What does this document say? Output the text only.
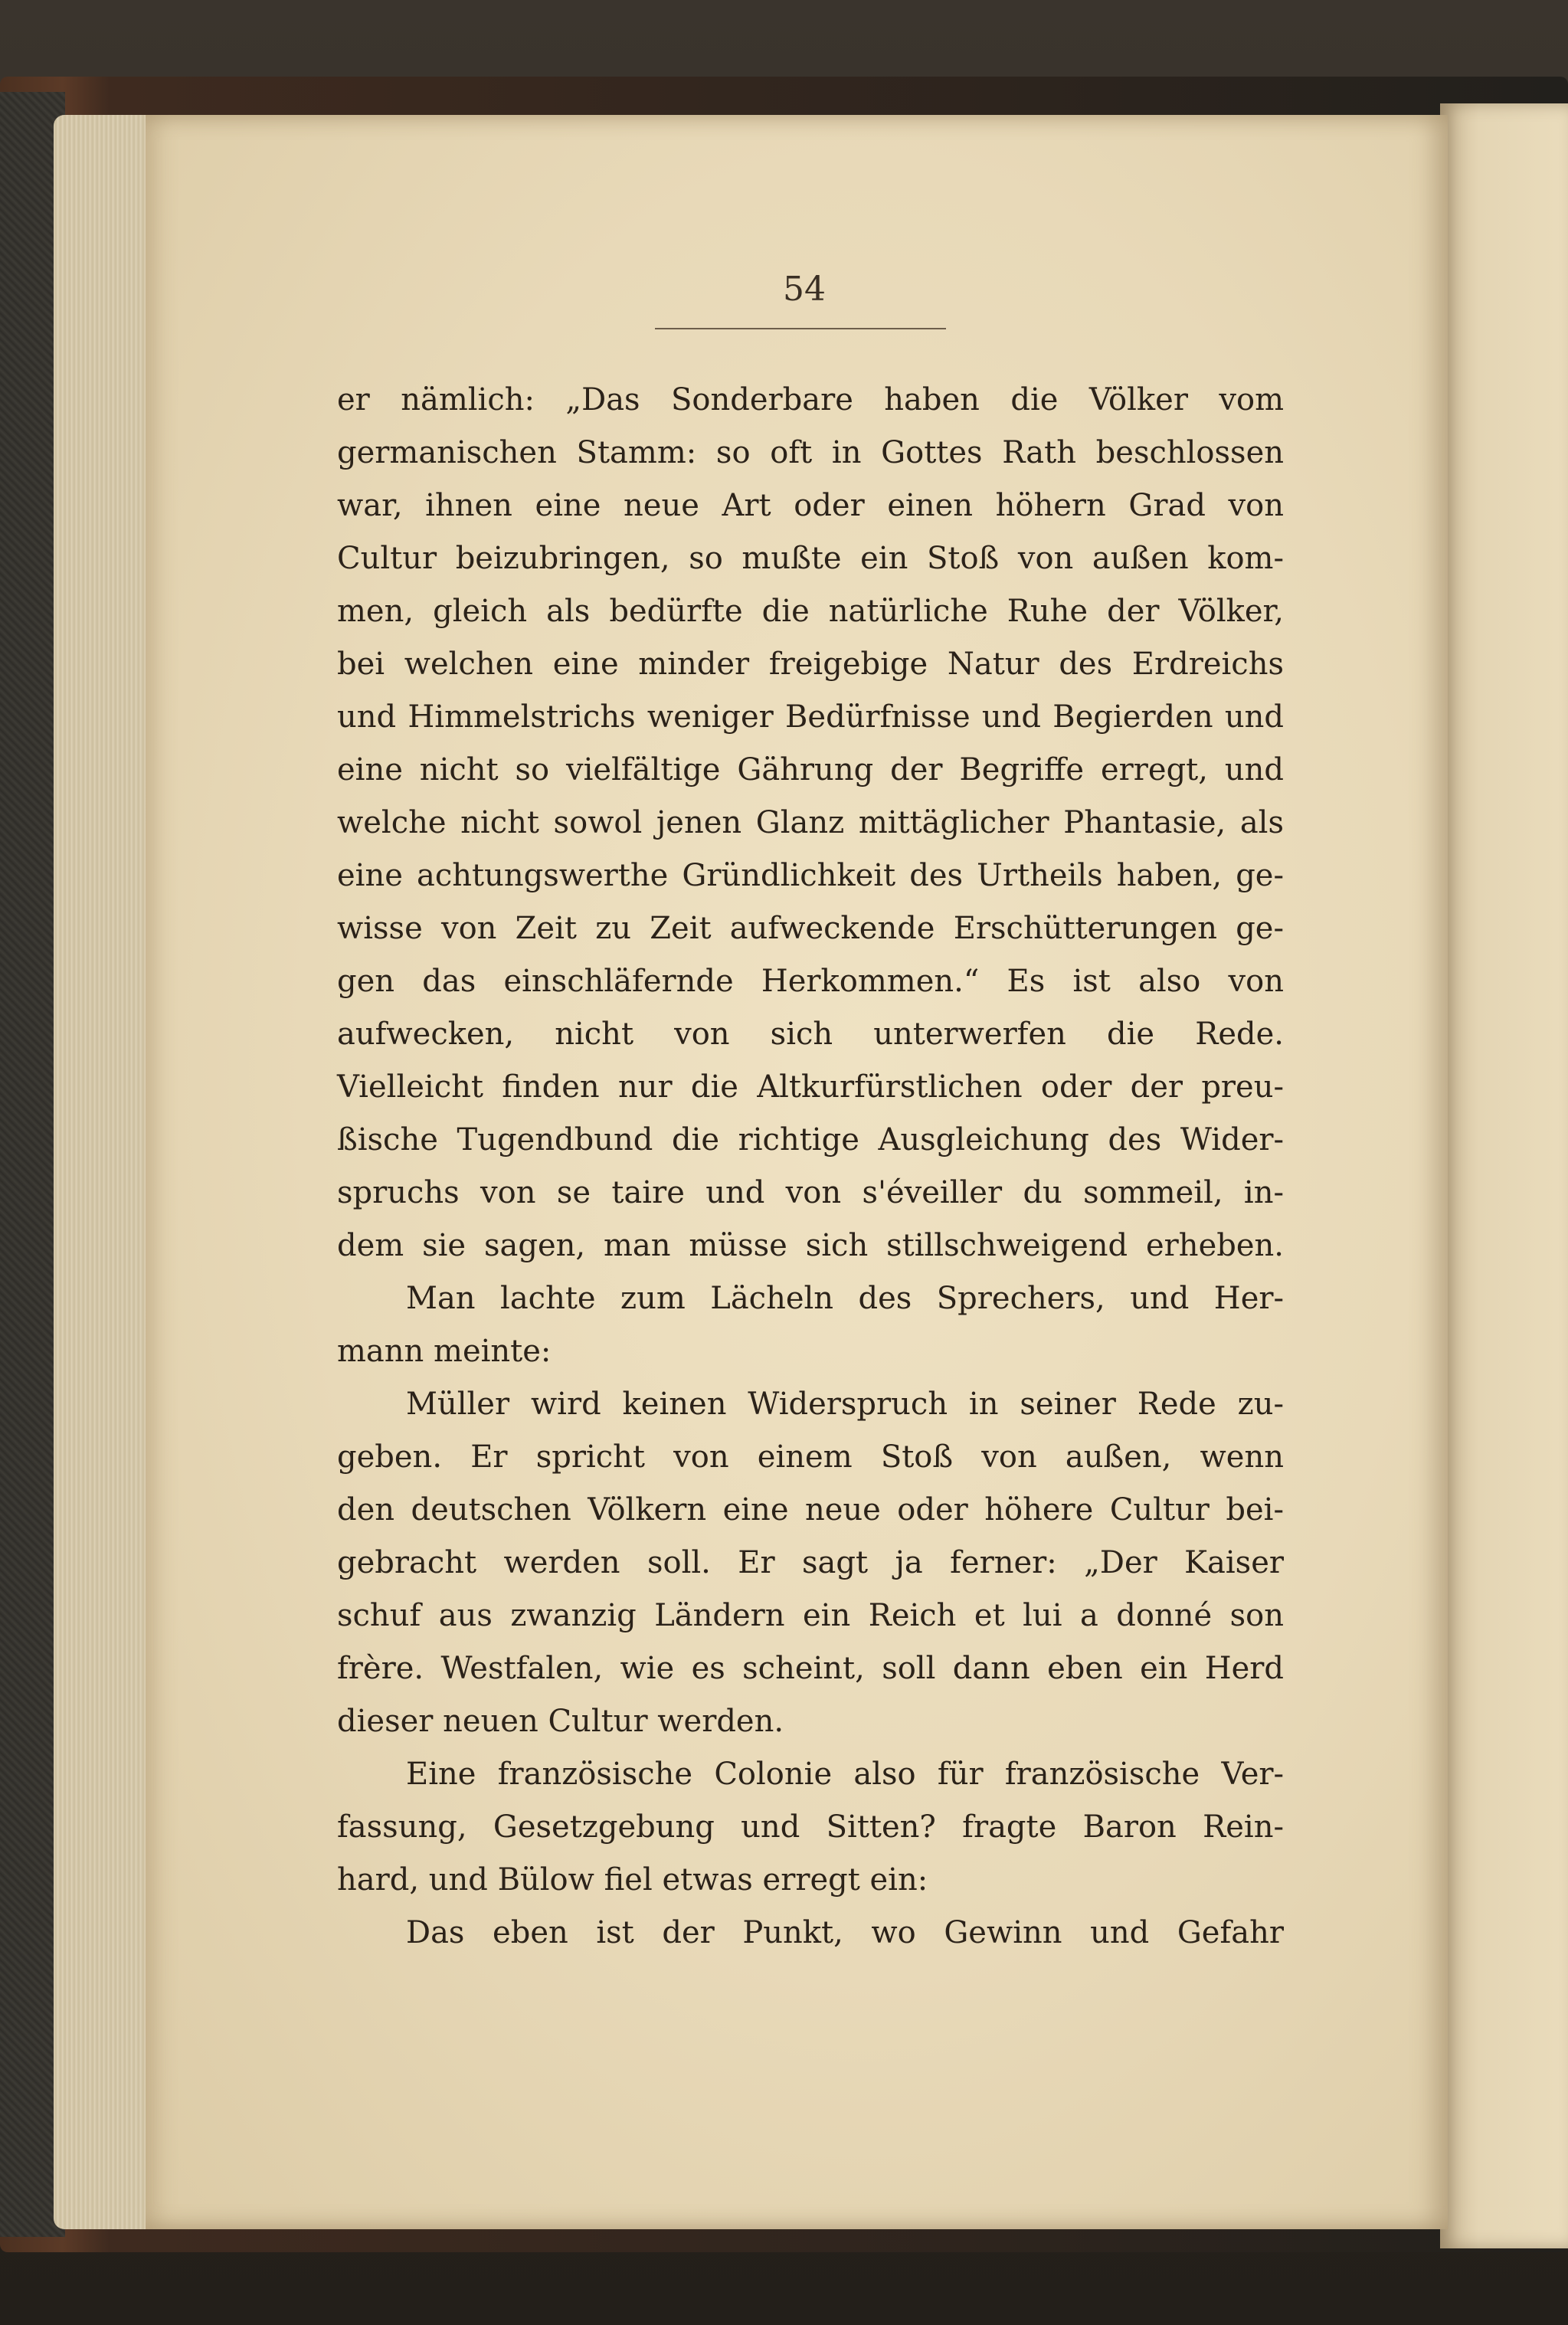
54
er nämlich: „Das Sonderbare haben die Völker vom
germanischen Stamm: so oft in Gottes Rath beschlossen
war, ihnen eine neue Art oder einen höhern Grad von
Cultur beizubringen, so mußte ein Stoß von außen kom-
men, gleich als bedürfte die natürliche Ruhe der Völker,
bei welchen eine minder freigebige Natur des Erdreichs
und Himmelstrichs weniger Bedürfnisse und Begierden und
eine nicht so vielfältige Gährung der Begriffe erregt, und
welche nicht sowol jenen Glanz mittäglicher Phantasie, als
eine achtungswerthe Gründlichkeit des Urtheils haben, ge-
wisse von Zeit zu Zeit aufweckende Erschütterungen ge-
gen das einschläfernde Herkommen.“ Es ist also von
aufwecken, nicht von sich unterwerfen die Rede.
Vielleicht finden nur die Altkurfürstlichen oder der preu-
ßische Tugendbund die richtige Ausgleichung des Wider-
spruchs von se taire und von s'éveiller du sommeil, in-
dem sie sagen, man müsse sich stillschweigend erheben.
Man lachte zum Lächeln des Sprechers, und Her-
mann meinte:
Müller wird keinen Widerspruch in seiner Rede zu-
geben. Er spricht von einem Stoß von außen, wenn
den deutschen Völkern eine neue oder höhere Cultur bei-
gebracht werden soll. Er sagt ja ferner: „Der Kaiser
schuf aus zwanzig Ländern ein Reich et lui a donné son
frère. Westfalen, wie es scheint, soll dann eben ein Herd
dieser neuen Cultur werden.
Eine französische Colonie also für französische Ver-
fassung, Gesetzgebung und Sitten? fragte Baron Rein-
hard, und Bülow fiel etwas erregt ein:
Das eben ist der Punkt, wo Gewinn und Gefahr
